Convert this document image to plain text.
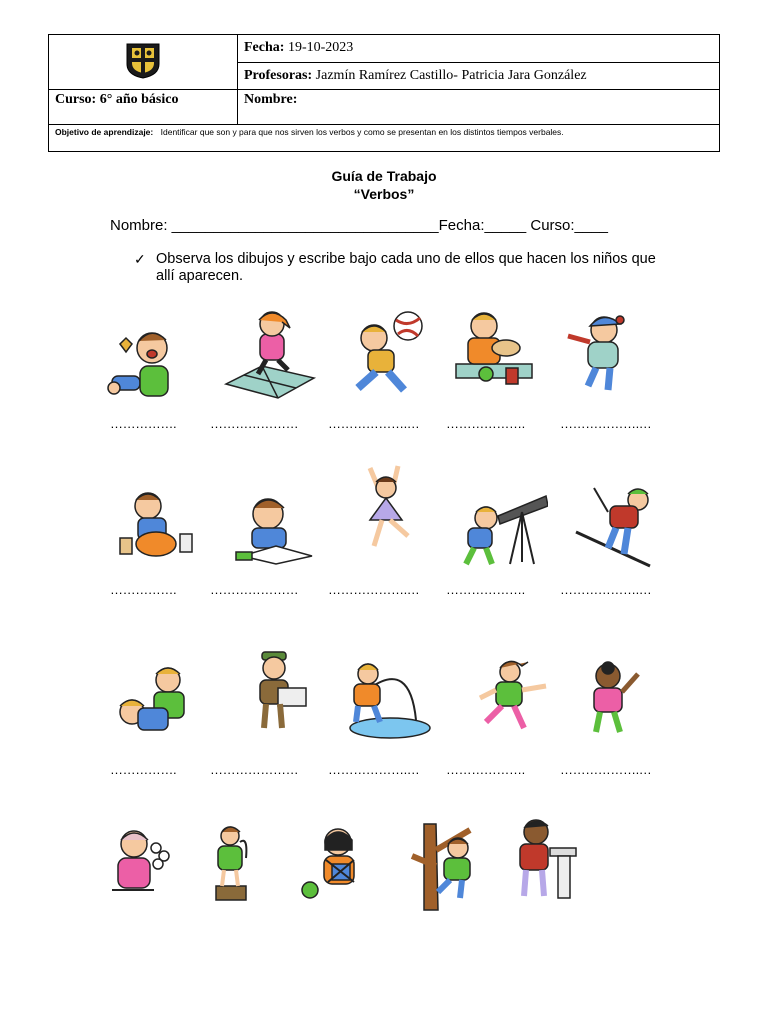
	Fecha: 19-10-2023
	Profesoras: Jazmín Ramírez Castillo- Patricia Jara González
Curso: 6° año básico	Nombre:
Objetivo de aprendizaje: Identificar que son y para que nos sirven los verbos y como se presentan en los distintos tiempos verbales.	
Guía de Trabajo
“Verbos”
Nombre: ________________________________Fecha:_____ Curso:____
✓ Observa los dibujos y escribe bajo cada uno de ellos que hacen los niños que allí aparecen.
…………….	………………… ……………….… ……………….	……………….…
…………….	………………… ……………….… ……………….	……………….…
…………….	………………… ……………….… ……………….	……………….…
